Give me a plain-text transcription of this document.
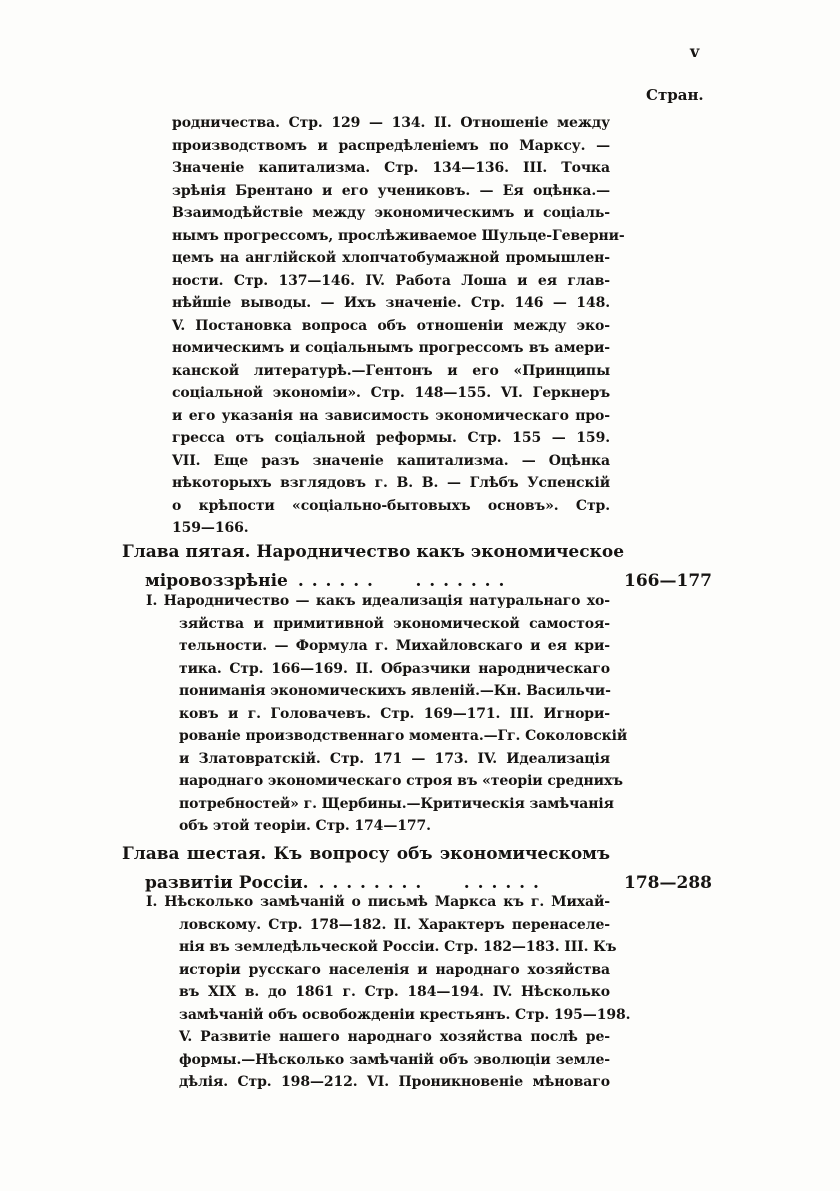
v
Стран.
родничества. Стр. 129 — 134. II. Отношеніе между
производствомъ и распредѣленіемъ по Марксу. —
Значеніе капитализма. Стр. 134—136. III. Точка
зрѣнія Брентано и его учениковъ. — Ея оцѣнка.—
Взаимодѣйствіе между экономическимъ и соціаль-
нымъ прогрессомъ, прослѣживаемое Шульце-Геверни-
цемъ на англійской хлопчатобумажной промышлен-
ности. Стр. 137—146. IV. Работа Лоша и ея глав-
нѣйшіе выводы. — Ихъ значеніе. Стр. 146 — 148.
V. Постановка вопроса объ отношеніи между эко-
номическимъ и соціальнымъ прогрессомъ въ амери-
канской литературѣ.—Гентонъ и его «Принципы
соціальной экономіи». Стр. 148—155. VI. Геркнеръ
и его указанія на зависимость экономическаго про-
гресса отъ соціальной реформы. Стр. 155 — 159.
VII. Еще разъ значеніе капитализма. — Оцѣнка
нѣкоторыхъ взглядовъ г. В. В. — Глѣбъ Успенскій
о крѣпости «соціально-бытовыхъ основъ». Стр.
159—166.
Глава пятая. Народничество какъ экономическое
міровоззрѣніе . . . . . .      . . . . . . .	166—177
I. Народничество — какъ идеализація натуральнаго хо-
зяйства и примитивной экономической самостоя-
тельности. — Формула г. Михайловскаго и ея кри-
тика. Стр. 166—169. II. Образчики народническаго
пониманія экономическихъ явленій.—Кн. Васильчи-
ковъ и г. Головачевъ. Стр. 169—171. III. Игнори-
рованіе производственнаго момента.—Гг. Соколовскій
и Златовратскій. Стр. 171 — 173. IV. Идеализація
народнаго экономическаго строя въ «теоріи среднихъ
потребностей» г. Щербины.—Критическія замѣчанія
объ этой теоріи. Стр. 174—177.
Глава шестая. Къ вопросу объ экономическомъ
развитіи Россіи. . . . . . . . .      . . . . . .	178—288
I. Нѣсколько замѣчаній о письмѣ Маркса къ г. Михай-
ловскому. Стр. 178—182. II. Характеръ перенаселе-
нія въ земледѣльческой Россіи. Стр. 182—183. III. Къ
исторіи русскаго населенія и народнаго хозяйства
въ XIX в. до 1861 г. Стр. 184—194. IV. Нѣсколько
замѣчаній объ освобожденіи крестьянъ. Стр. 195—198.
V. Развитіе нашего народнаго хозяйства послѣ ре-
формы.—Нѣсколько замѣчаній объ эволюціи земле-
дѣлія. Стр. 198—212. VI. Проникновеніе мѣноваго
